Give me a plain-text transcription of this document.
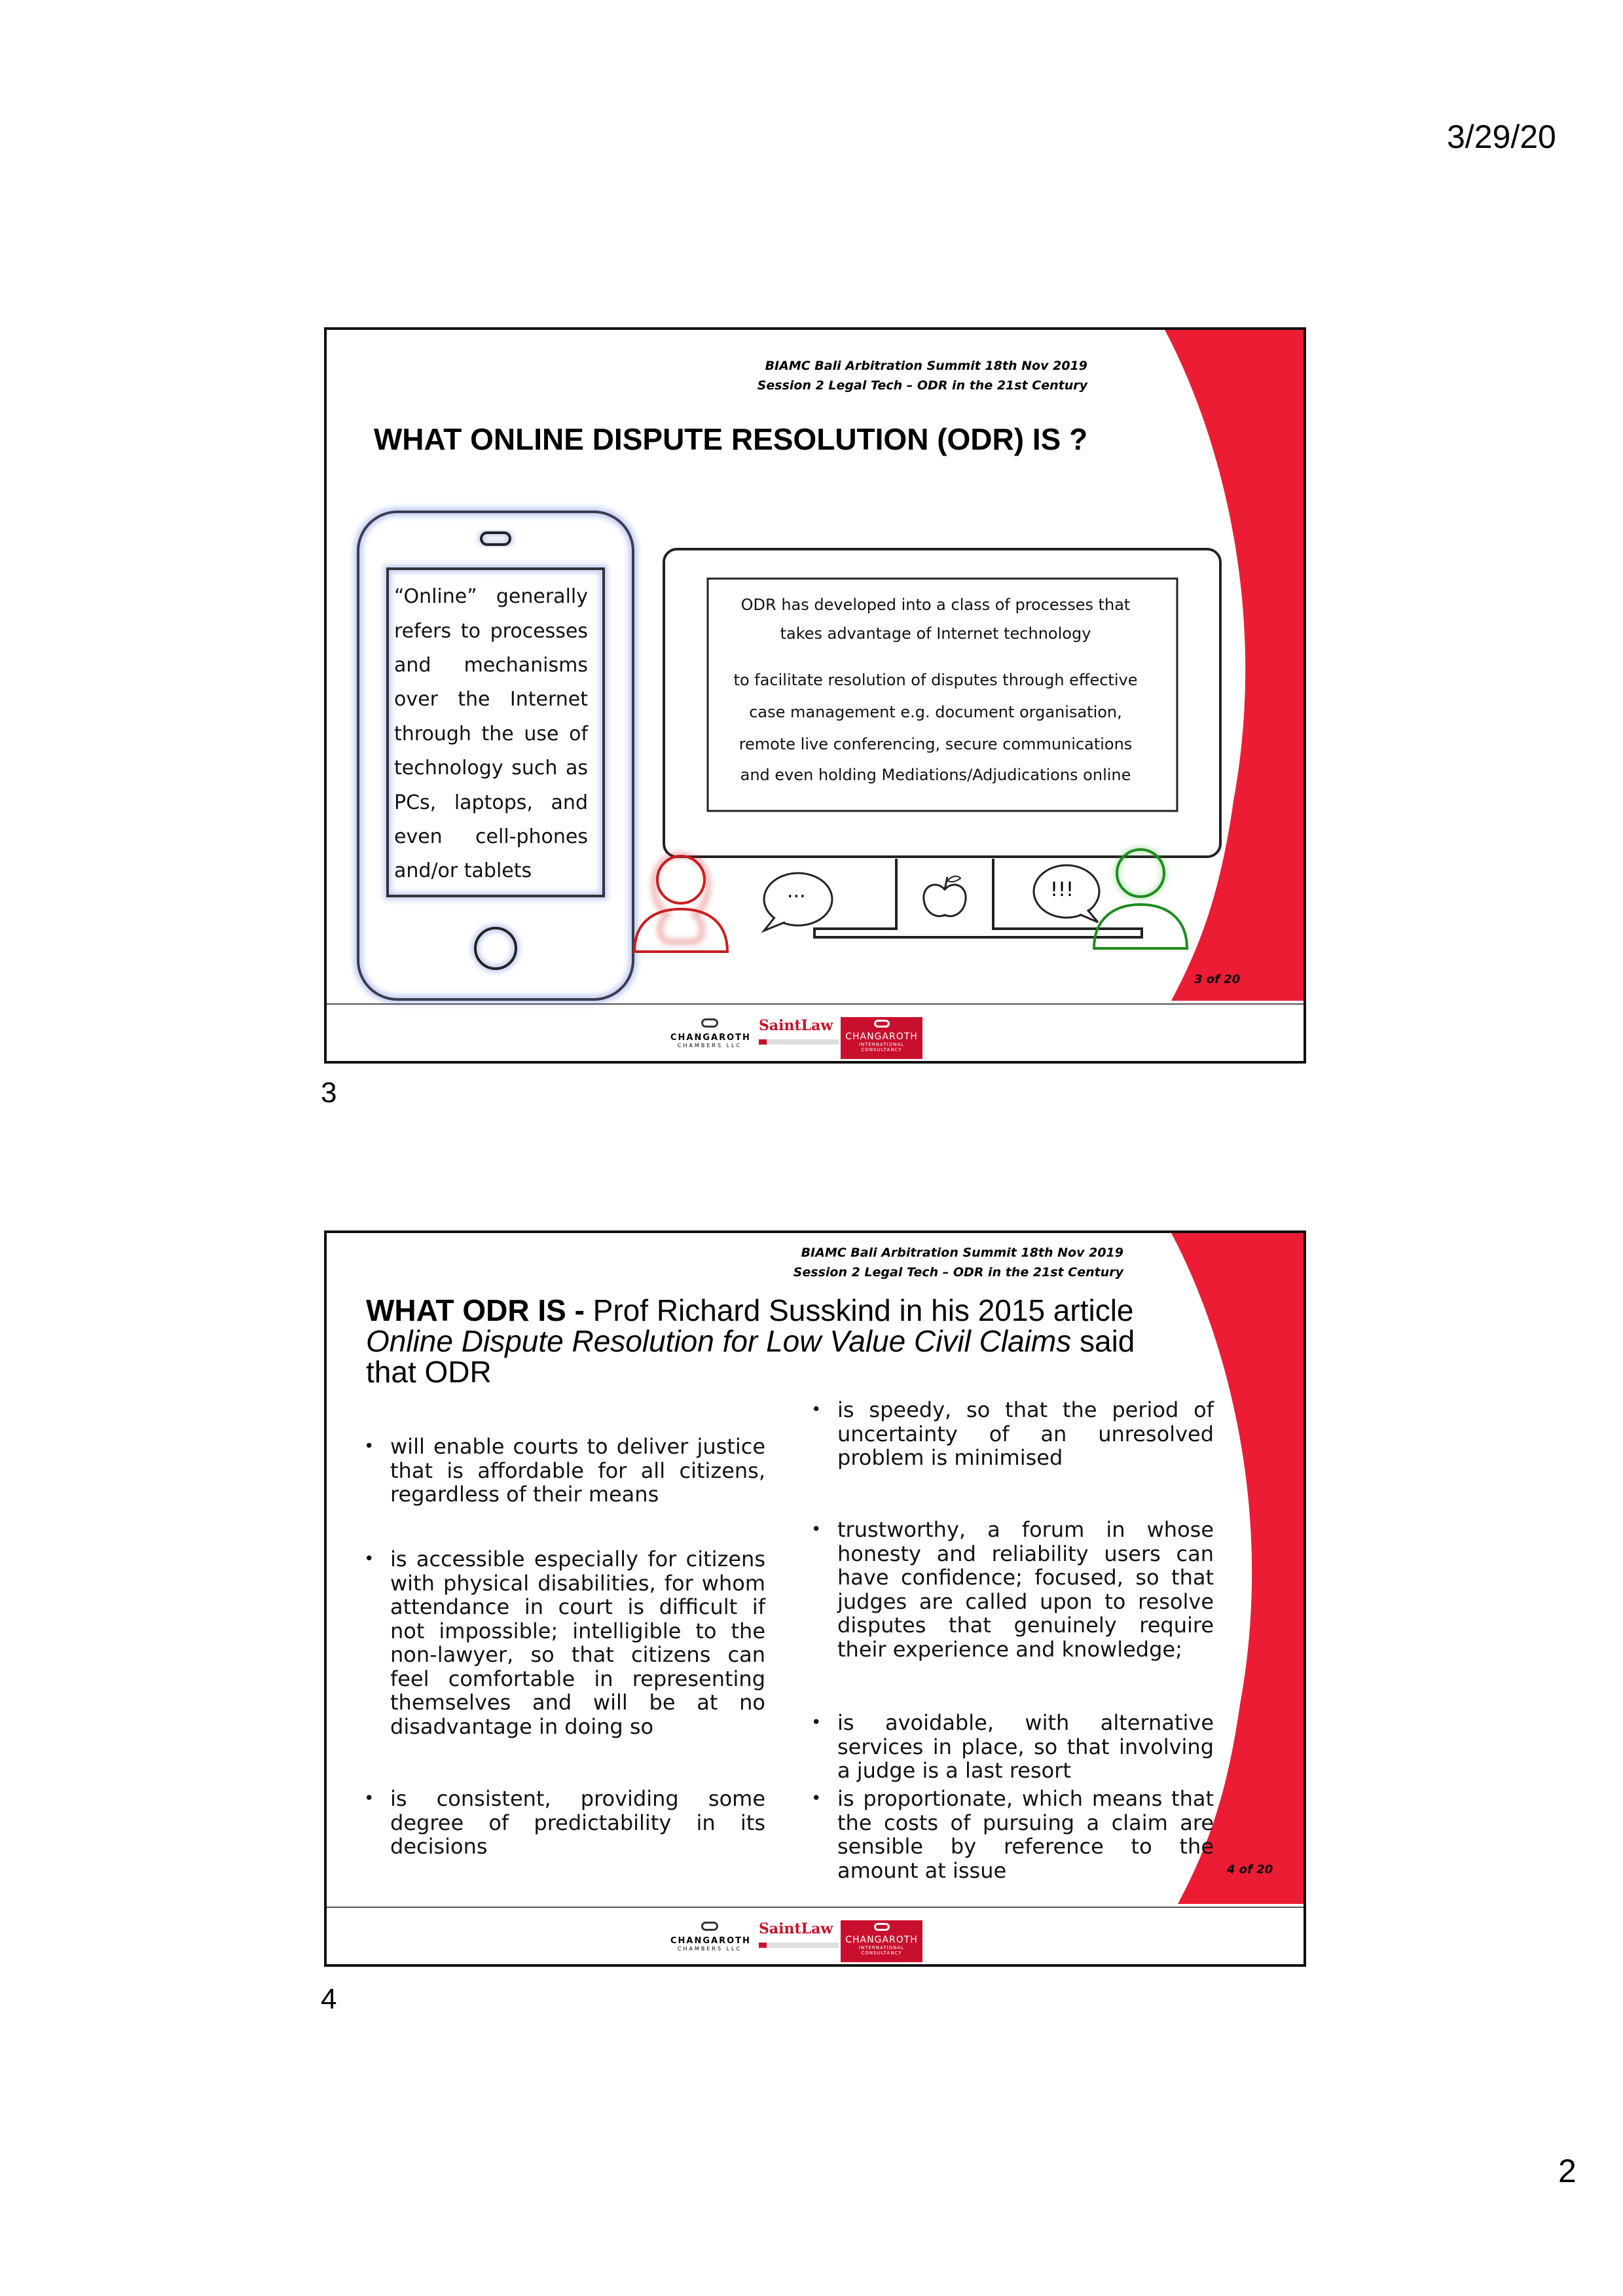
3/29/20
BIAMC Bali Arbitration Summit 18th Nov 2019
Session 2 Legal Tech – ODR in the 21st Century
WHAT ONLINE DISPUTE RESOLUTION (ODR) IS ?
“Online” generally
refers to processes
and mechanisms
over the Internet
through the use of
technology such as
PCs, laptops, and
even cell-phones
and/or tablets
ODR has developed into a class of processes that
takes advantage of Internet technology
to facilitate resolution of disputes through effective
case management e.g. document organisation,
remote live conferencing, secure communications
and even holding Mediations/Adjudications online
...	!!!
3 of 20
CHANGAROTH
CHAMBERS LLC
SaintLaw
CHANGAROTH
INTERNATIONAL CONSULTANCY
3
BIAMC Bali Arbitration Summit 18th Nov 2019
Session 2 Legal Tech – ODR in the 21st Century
WHAT ODR IS - Prof Richard Susskind in his 2015 article
Online Dispute Resolution for Low Value Civil Claims said
that ODR
• will enable courts to deliver justice that is affordable for all citizens, regardless of their means
• is accessible especially for citizens with physical disabilities, for whom attendance in court is difficult if not impossible; intelligible to the non-lawyer, so that citizens can feel comfortable in representing themselves and will be at no disadvantage in doing so
• is consistent, providing some degree of predictability in its decisions
• is speedy, so that the period of uncertainty of an unresolved problem is minimised
• trustworthy, a forum in whose honesty and reliability users can have confidence; focused, so that judges are called upon to resolve disputes that genuinely require their experience and knowledge;
• is avoidable, with alternative services in place, so that involving a judge is a last resort
• is proportionate, which means that the costs of pursuing a claim are sensible by reference to the amount at issue	4 of 20
CHANGAROTH
CHAMBERS LLC
SaintLaw
CHANGAROTH
INTERNATIONAL CONSULTANCY
4
2
